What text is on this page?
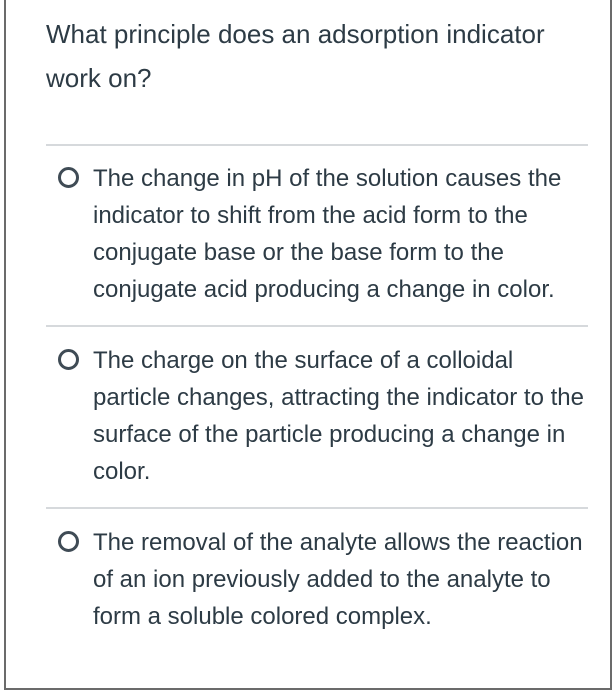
What principle does an adsorption indicator work on?

The change in pH of the solution causes the indicator to shift from the acid form to the conjugate base or the base form to the conjugate acid producing a change in color.

The charge on the surface of a colloidal particle changes, attracting the indicator to the surface of the particle producing a change in color.

The removal of the analyte allows the reaction of an ion previously added to the analyte to form a soluble colored complex.
